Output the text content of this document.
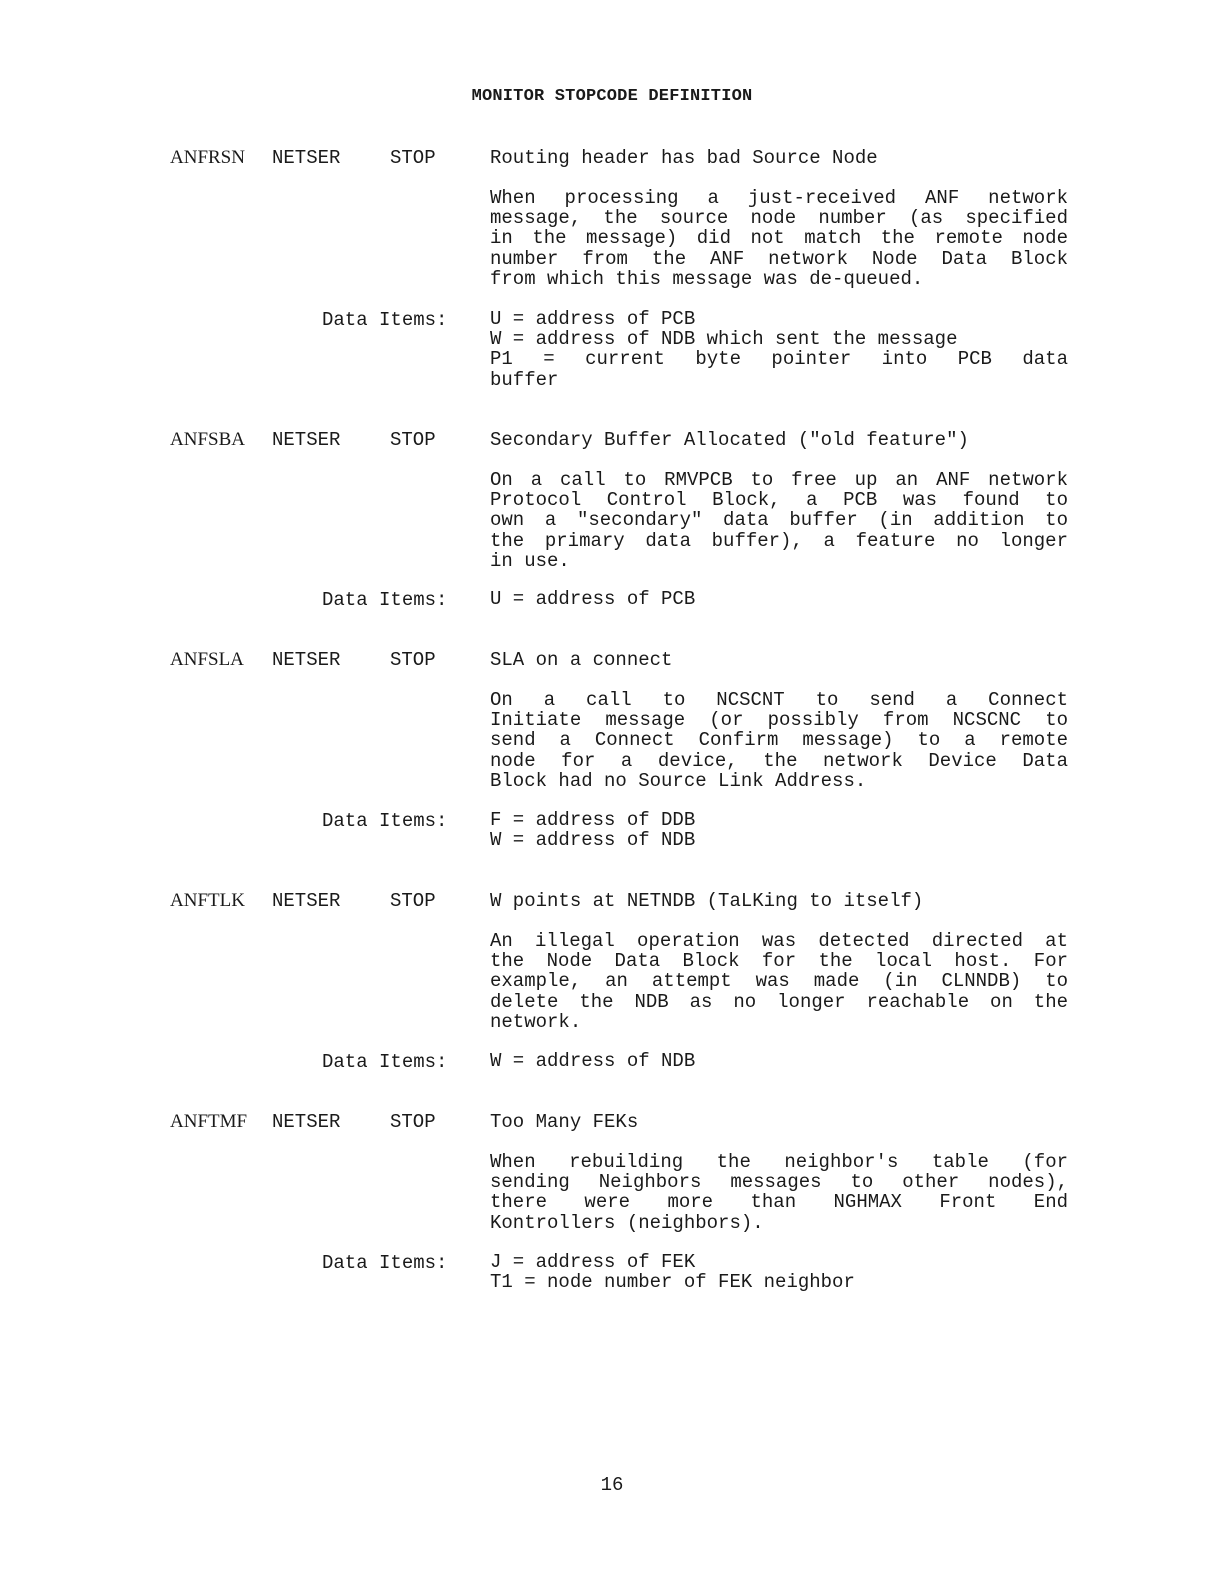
MONITOR STOPCODE DEFINITION
ANFRSN NETSER	STOP	Routing header has bad Source Node
When processing a just-received ANF network
message, the source node number (as specified
in the message) did not match the remote node
number from the ANF network Node Data Block
from which this message was de-queued.
Data Items: U = address of PCB
W = address of NDB which sent the message
P1 = current byte pointer into PCB data
buffer
ANFSBA NETSER	STOP	Secondary Buffer Allocated ("old feature")
On a call to RMVPCB to free up an ANF network
Protocol Control Block, a PCB was found to
own a "secondary" data buffer (in addition to
the primary data buffer), a feature no longer
in use.
Data Items: U = address of PCB
ANFSLA NETSER	STOP	SLA on a connect
On a call to NCSCNT to send a Connect
Initiate message (or possibly from NCSCNC to
send a Connect Confirm message) to a remote
node for a device, the network Device Data
Block had no Source Link Address.
Data Items: F = address of DDB
W = address of NDB
ANFTLK NETSER	STOP	W points at NETNDB (TaLKing to itself)
An illegal operation was detected directed at
the Node Data Block for the local host. For
example, an attempt was made (in CLNNDB) to
delete the NDB as no longer reachable on the
network.
Data Items: W = address of NDB
ANFTMF NETSER	STOP	Too Many FEKs
When rebuilding the neighbor's table (for
sending Neighbors messages to other nodes),
there were more than NGHMAX Front End
Kontrollers (neighbors).
Data Items: J = address of FEK
T1 = node number of FEK neighbor
16
